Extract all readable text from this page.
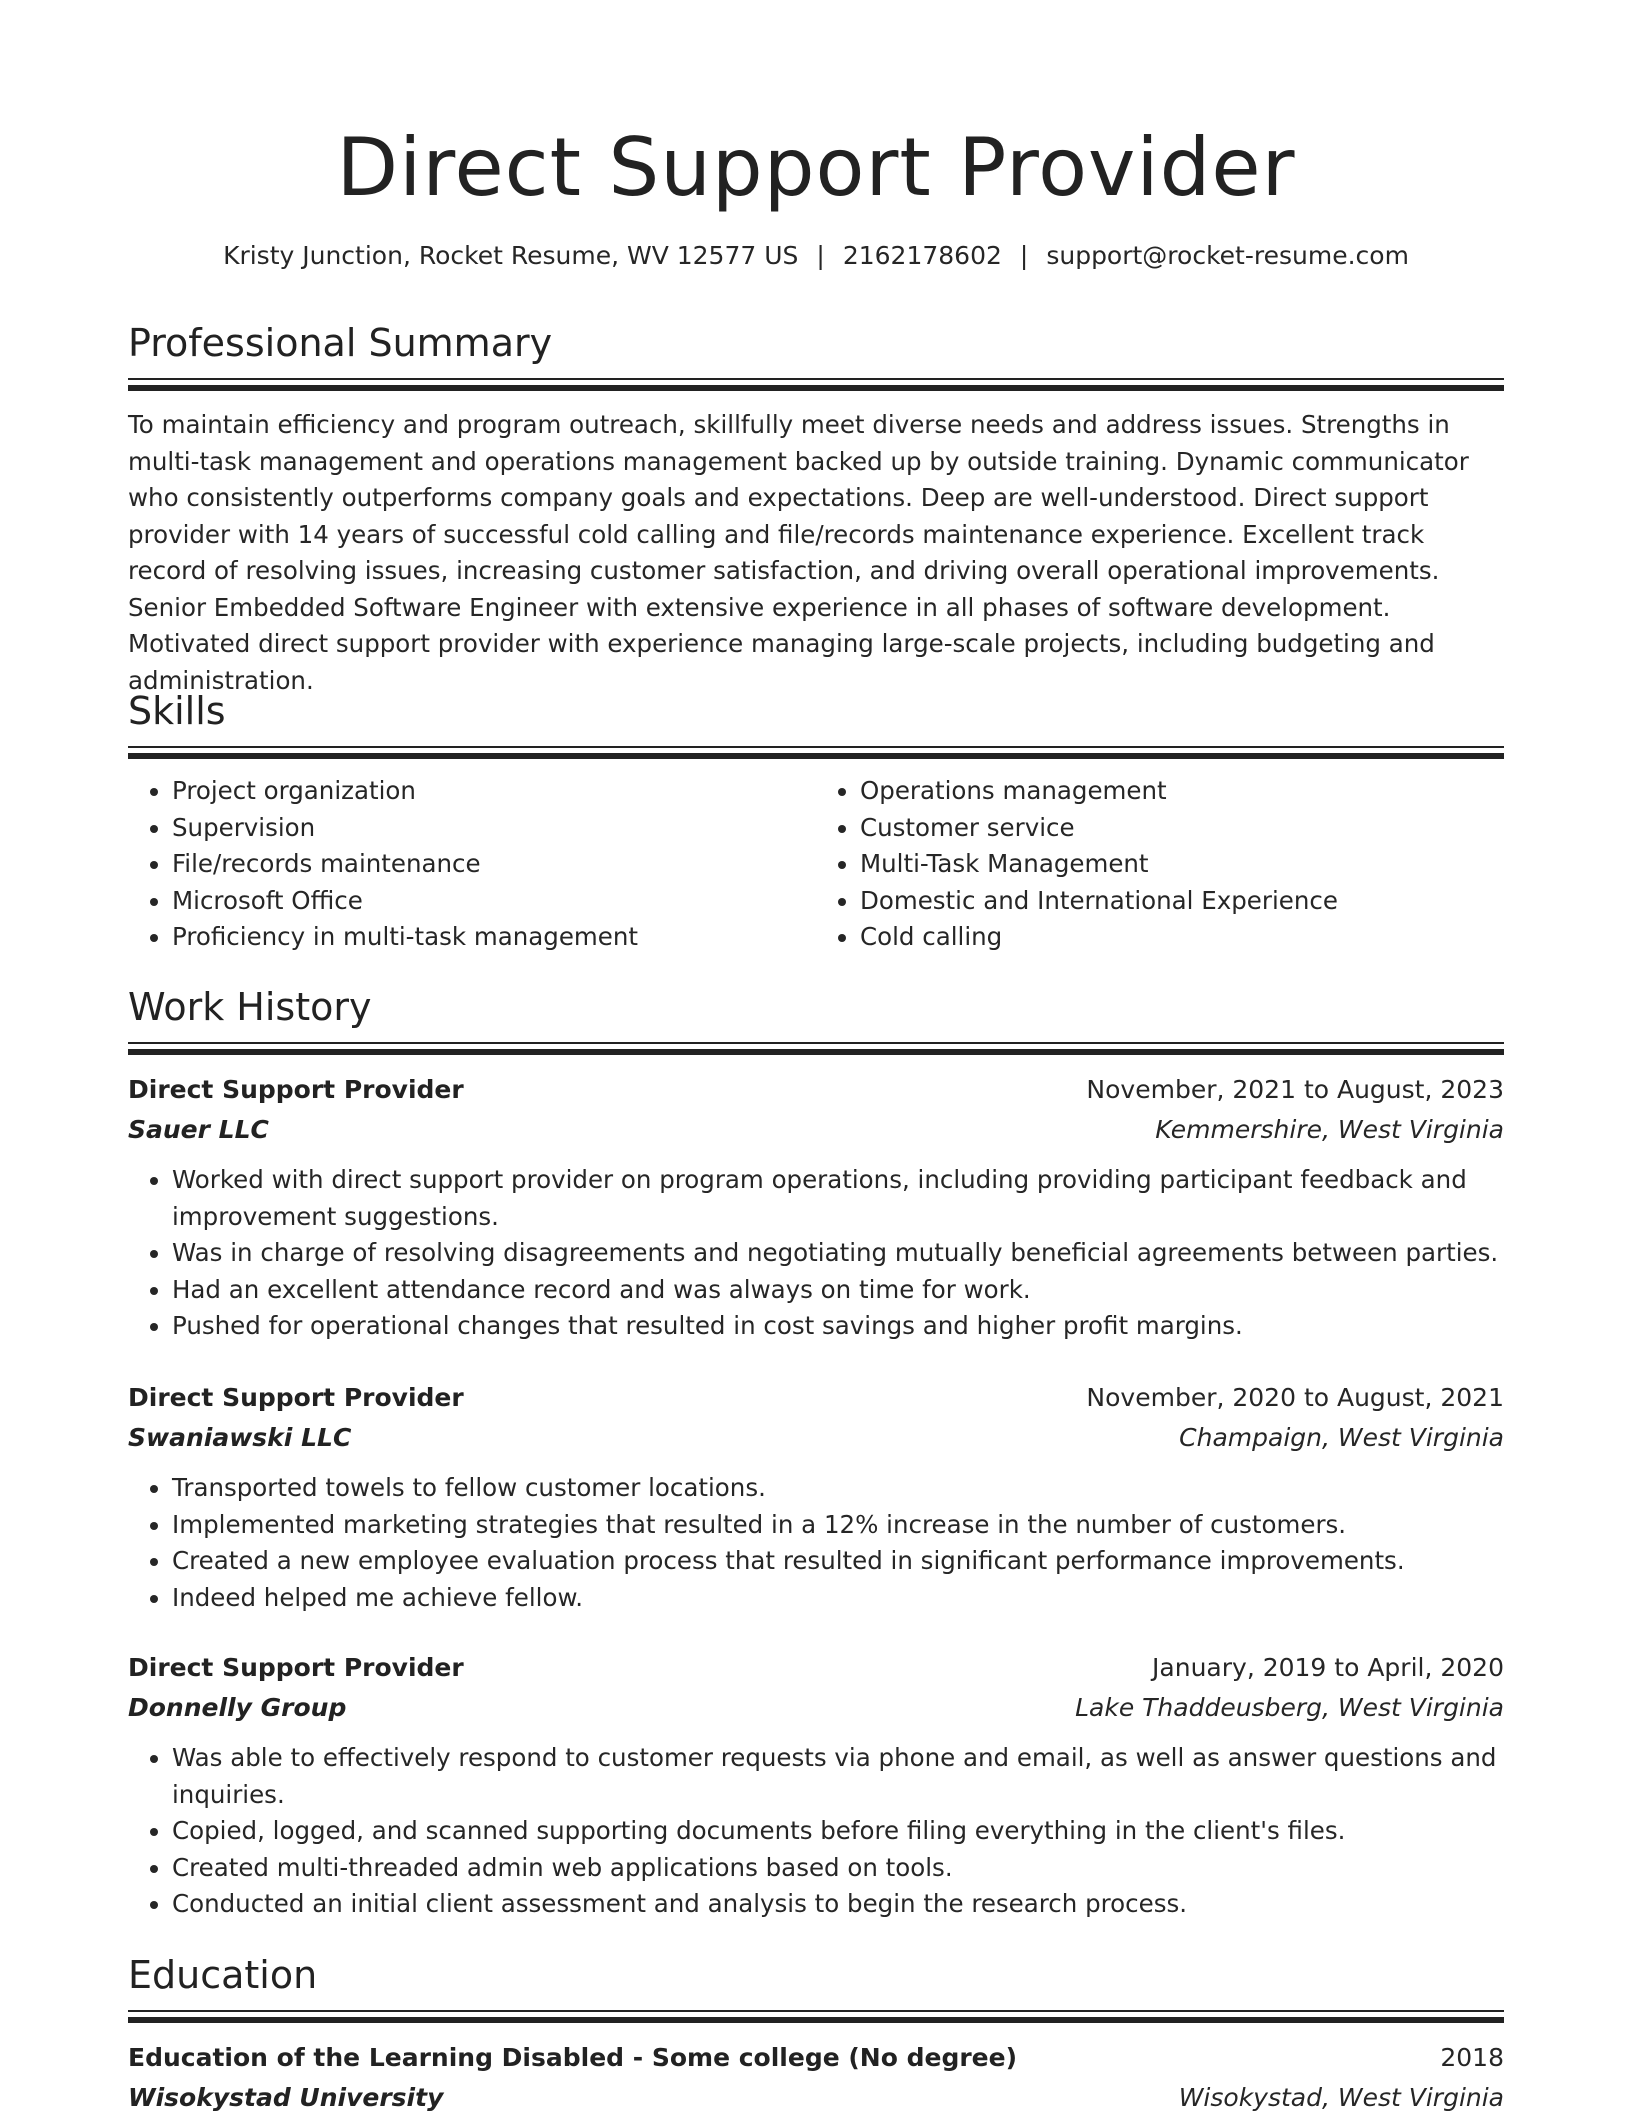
Direct Support Provider
Kristy Junction, Rocket Resume, WV 12577 US | 2162178602 | support@rocket-resume.com
Professional Summary
To maintain efficiency and program outreach, skillfully meet diverse needs and address issues. Strengths in multi-task management and operations management backed up by outside training. Dynamic communicator who consistently outperforms company goals and expectations. Deep are well-understood. Direct support provider with 14 years of successful cold calling and file/records maintenance experience. Excellent track record of resolving issues, increasing customer satisfaction, and driving overall operational improvements. Senior Embedded Software Engineer with extensive experience in all phases of software development. Motivated direct support provider with experience managing large-scale projects, including budgeting and administration.
Skills
• Project organization
• Supervision
• File/records maintenance
• Microsoft Office
• Proficiency in multi-task management
• Operations management
• Customer service
• Multi-Task Management
• Domestic and International Experience
• Cold calling
Work History
Direct Support Provider	November, 2021 to August, 2023
Sauer LLC	Kemmershire, West Virginia
• Worked with direct support provider on program operations, including providing participant feedback and improvement suggestions.
• Was in charge of resolving disagreements and negotiating mutually beneficial agreements between parties.
• Had an excellent attendance record and was always on time for work.
• Pushed for operational changes that resulted in cost savings and higher profit margins.
Direct Support Provider	November, 2020 to August, 2021
Swaniawski LLC	Champaign, West Virginia
• Transported towels to fellow customer locations.
• Implemented marketing strategies that resulted in a 12% increase in the number of customers.
• Created a new employee evaluation process that resulted in significant performance improvements.
• Indeed helped me achieve fellow.
Direct Support Provider	January, 2019 to April, 2020
Donnelly Group	Lake Thaddeusberg, West Virginia
• Was able to effectively respond to customer requests via phone and email, as well as answer questions and inquiries.
• Copied, logged, and scanned supporting documents before filing everything in the client's files.
• Created multi-threaded admin web applications based on tools.
• Conducted an initial client assessment and analysis to begin the research process.
Education
Education of the Learning Disabled - Some college (No degree)	2018
Wisokystad University	Wisokystad, West Virginia
